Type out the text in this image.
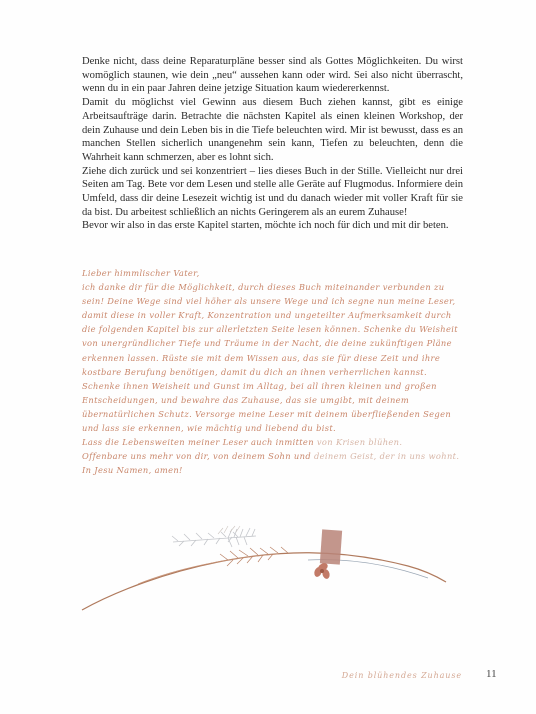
Denke nicht, dass deine Reparaturpläne besser sind als Gottes Möglichkeiten. Du wirst womöglich staunen, wie dein „neu“ aussehen kann oder wird. Sei also nicht überrascht, wenn du in ein paar Jahren deine jetzige Situation kaum wiedererkennst.

Damit du möglichst viel Gewinn aus diesem Buch ziehen kannst, gibt es einige Arbeitsaufträge darin. Betrachte die nächsten Kapitel als einen kleinen Workshop, der dein Zuhause und dein Leben bis in die Tiefe beleuchten wird. Mir ist bewusst, dass es an manchen Stellen sicherlich unangenehm sein kann, Tiefen zu beleuchten, denn die Wahrheit kann schmerzen, aber es lohnt sich.

Ziehe dich zurück und sei konzentriert – lies dieses Buch in der Stille. Vielleicht nur drei Seiten am Tag. Bete vor dem Lesen und stelle alle Geräte auf Flugmodus. Informiere dein Umfeld, dass dir deine Lesezeit wichtig ist und du danach wieder mit voller Kraft für sie da bist. Du arbeitest schließlich an nichts Geringerem als an eurem Zuhause!

Bevor wir also in das erste Kapitel starten, möchte ich noch für dich und mit dir beten.

Lieber himmlischer Vater,

ich danke dir für die Möglichkeit, durch dieses Buch miteinander verbunden zu sein! Deine Wege sind viel höher als unsere Wege und ich segne nun meine Leser, damit diese in voller Kraft, Konzentration und ungeteilter Aufmerksamkeit durch die folgenden Kapitel bis zur allerletzten Seite lesen können. Schenke du Weisheit von unergründlicher Tiefe und Träume in der Nacht, die deine zukünftigen Pläne erkennen lassen. Rüste sie mit dem Wissen aus, das sie für diese Zeit und ihre kostbare Berufung benötigen, damit du dich an ihnen verherrlichen kannst. Schenke ihnen Weisheit und Gunst im Alltag, bei all ihren kleinen und großen Entscheidungen, und bewahre das Zuhause, das sie umgibt, mit deinem übernatürlichen Schutz. Versorge meine Leser mit deinem überfließenden Segen und lass sie erkennen, wie mächtig und liebend du bist.

Lass die Lebensweiten meiner Leser auch inmitten von Krisen blühen.

Offenbare uns mehr von dir, von deinem Sohn und deinem Geist, der in uns wohnt.

In Jesu Namen, amen!

Dein blühendes Zuhause 11
